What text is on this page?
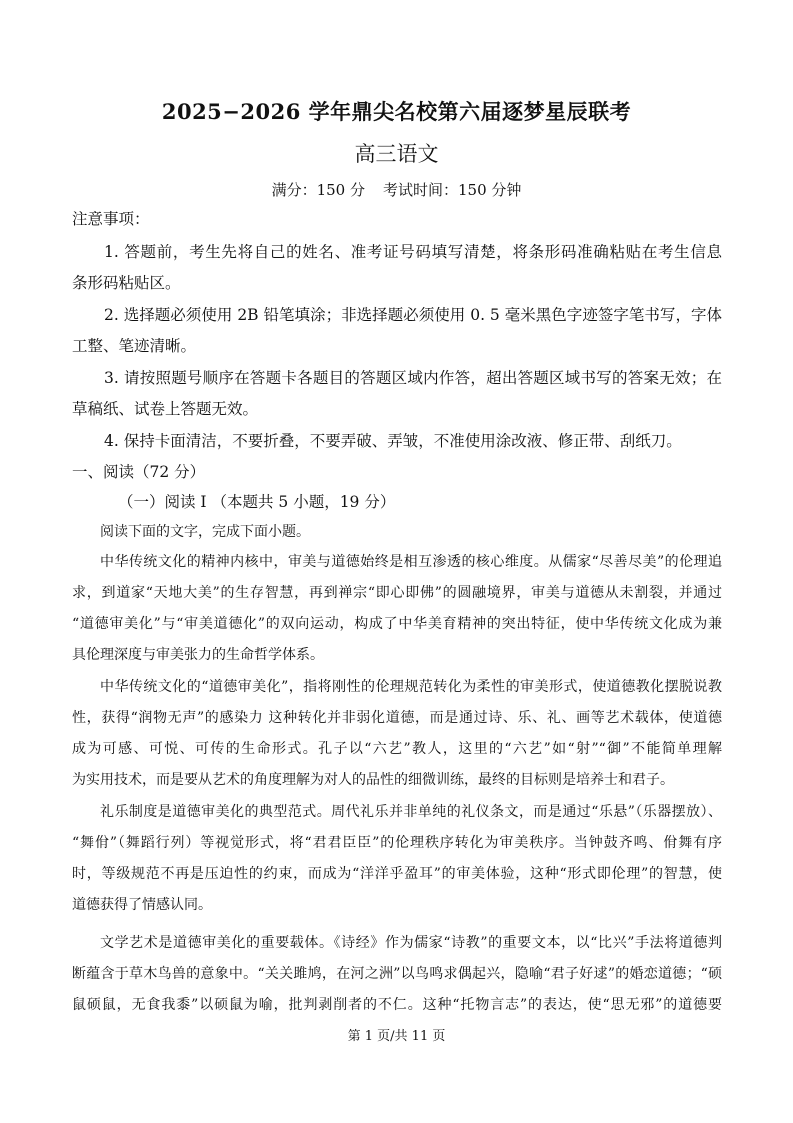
2025−2026 学年鼎尖名校第六届逐梦星辰联考
高三语文
满分：150 分 考试时间：150 分钟
注意事项：
1. 答题前，考生先将自己的姓名、准考证号码填写清楚，将条形码准确粘贴在考生信息
条形码粘贴区。
2. 选择题必须使用 2B 铅笔填涂；非选择题必须使用 0. 5 毫米黑色字迹签字笔书写，字体
工整、笔迹清晰。
3. 请按照题号顺序在答题卡各题目的答题区域内作答，超出答题区域书写的答案无效；在
草稿纸、试卷上答题无效。
4. 保持卡面清洁，不要折叠，不要弄破、弄皱，不准使用涂改液、修正带、刮纸刀。
一、阅读（72 分）
（一）阅读 I （本题共 5 小题，19 分）
阅读下面的文字，完成下面小题。
中华传统文化的精神内核中，审美与道德始终是相互渗透的核心维度。从儒家“尽善尽美”的伦理追
求，到道家“天地大美”的生存智慧，再到禅宗“即心即佛”的圆融境界，审美与道德从未割裂，并通过
“道德审美化”与“审美道德化”的双向运动，构成了中华美育精神的突出特征，使中华传统文化成为兼
具伦理深度与审美张力的生命哲学体系。
中华传统文化的“道德审美化”，指将刚性的伦理规范转化为柔性的审美形式，使道德教化摆脱说教
性，获得“润物无声”的感染力 这种转化并非弱化道德，而是通过诗、乐、礼、画等艺术载体，使道德
成为可感、可悦、可传的生命形式。孔子以“六艺”教人，这里的“六艺”如“射”“御”不能简单理解
为实用技术，而是要从艺术的角度理解为对人的品性的细微训练，最终的目标则是培养士和君子。
礼乐制度是道德审美化的典型范式。周代礼乐并非单纯的礼仪条文，而是通过“乐悬”（乐器摆放）、
“舞佾”（舞蹈行列）等视觉形式，将“君君臣臣”的伦理秩序转化为审美秩序。当钟鼓齐鸣、佾舞有序
时，等级规范不再是压迫性的约束，而成为“洋洋乎盈耳”的审美体验，这种“形式即伦理”的智慧，使
道德获得了情感认同。
文学艺术是道德审美化的重要载体。《诗经》作为儒家“诗教”的重要文本，以“比兴”手法将道德判
断蕴含于草木鸟兽的意象中。“关关雎鸠，在河之洲”以鸟鸣求偶起兴，隐喻“君子好逑”的婚恋道德；“硕
鼠硕鼠，无食我黍”以硕鼠为喻，批判剥削者的不仁。这种“托物言志”的表达，使“思无邪”的道德要
第 1 页/共 11 页
